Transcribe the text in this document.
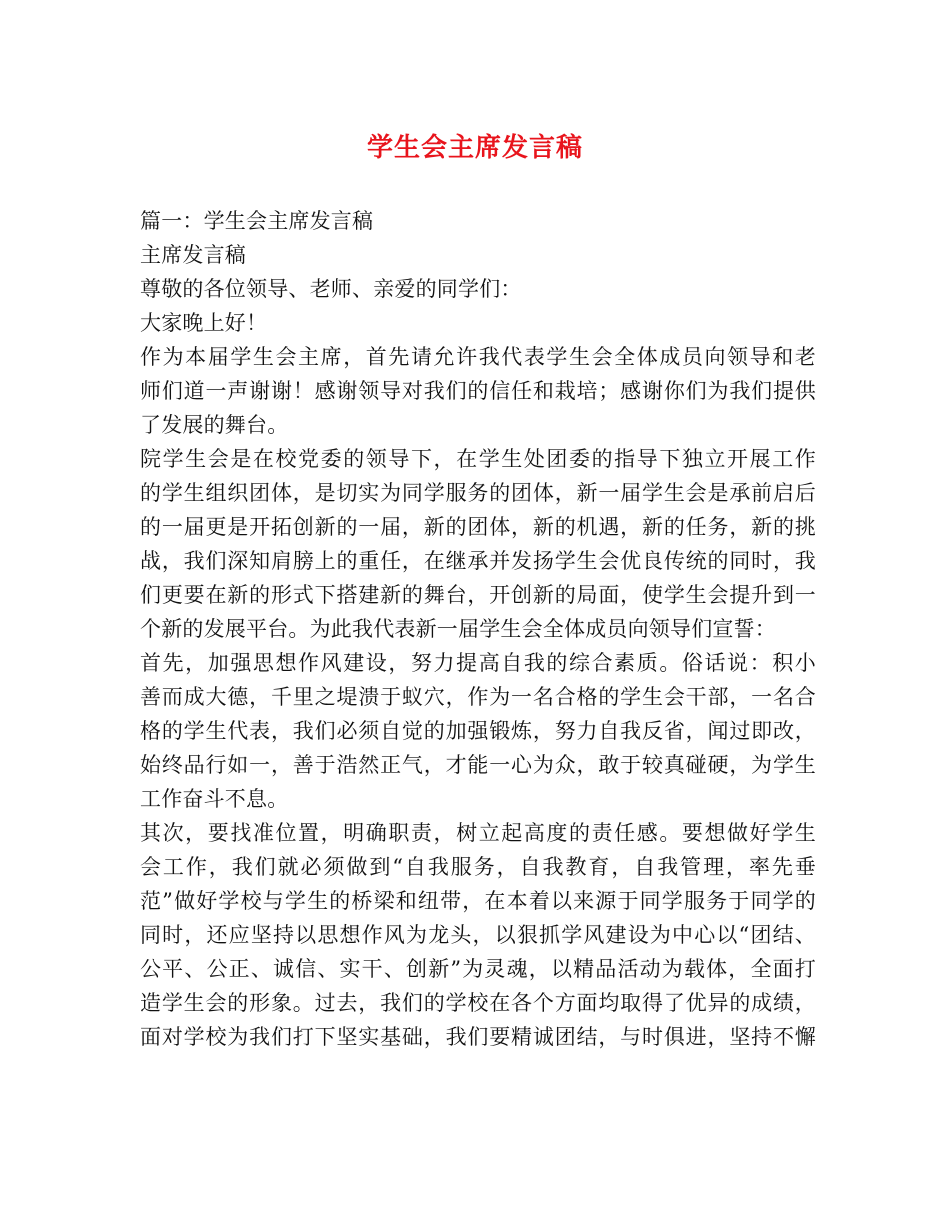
学生会主席发言稿
篇一：学生会主席发言稿
主席发言稿
尊敬的各位领导、老师、亲爱的同学们：
大家晚上好！
作为本届学生会主席，首先请允许我代表学生会全体成员向领导和老
师们道一声谢谢！感谢领导对我们的信任和栽培；感谢你们为我们提供
了发展的舞台。
院学生会是在校党委的领导下，在学生处团委的指导下独立开展工作
的学生组织团体，是切实为同学服务的团体，新一届学生会是承前启后
的一届更是开拓创新的一届，新的团体，新的机遇，新的任务，新的挑
战，我们深知肩膀上的重任，在继承并发扬学生会优良传统的同时，我
们更要在新的形式下搭建新的舞台，开创新的局面，使学生会提升到一
个新的发展平台。为此我代表新一届学生会全体成员向领导们宣誓：
首先，加强思想作风建设，努力提高自我的综合素质。俗话说：积小
善而成大德，千里之堤溃于蚁穴，作为一名合格的学生会干部，一名合
格的学生代表，我们必须自觉的加强锻炼，努力自我反省，闻过即改，
始终品行如一，善于浩然正气，才能一心为众，敢于较真碰硬，为学生
工作奋斗不息。
其次，要找准位置，明确职责，树立起高度的责任感。要想做好学生
会工作，我们就必须做到“自我服务，自我教育，自我管理，率先垂
范”做好学校与学生的桥梁和纽带，在本着以来源于同学服务于同学的
同时，还应坚持以思想作风为龙头，以狠抓学风建设为中心以“团结、
公平、公正、诚信、实干、创新”为灵魂，以精品活动为载体，全面打
造学生会的形象。过去，我们的学校在各个方面均取得了优异的成绩，
面对学校为我们打下坚实基础，我们要精诚团结，与时俱进，坚持不懈
